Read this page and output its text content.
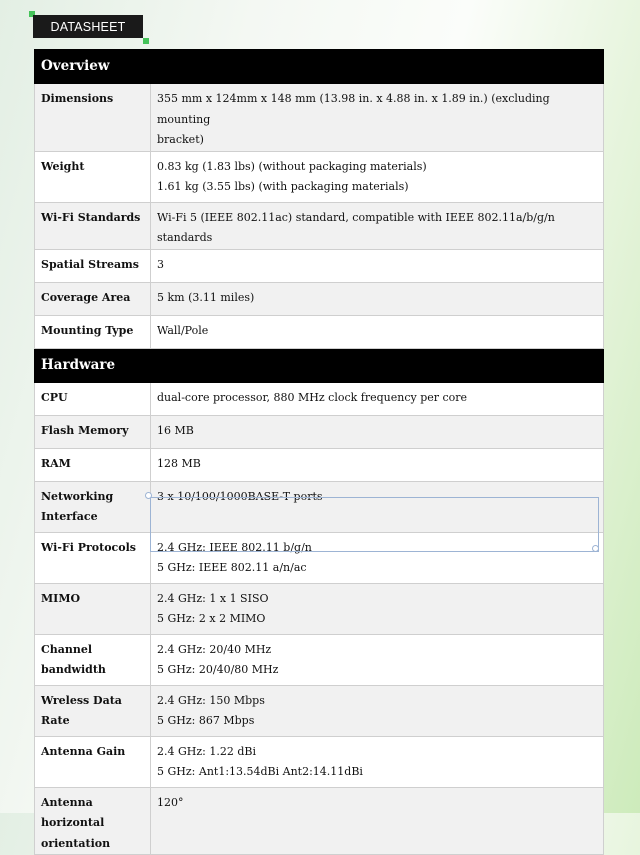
DATASHEET
Overview	
Dimensions	355 mm x 124mm x 148 mm (13.98 in. x 4.88 in. x 1.89 in.) (excluding mounting
bracket)

Weight	0.83 kg (1.83 lbs) (without packaging materials)
1.61 kg (3.55 lbs) (with packaging materials)

Wi-Fi Standards	Wi-Fi 5 (IEEE 802.11ac) standard, compatible with IEEE 802.11a/b/g/n standards
Spatial Streams	3
Coverage Area	5 km (3.11 miles)
Mounting Type	Wall/Pole
Hardware	
CPU	dual-core processor, 880 MHz clock frequency per core
Flash Memory	16 MB
RAM	128 MB

Networking
Interface	3 x 10/100/1000BASE-T ports
Wi-Fi Protocols	2.4 GHz: IEEE 802.11 b/g/n
5 GHz: IEEE 802.11 a/n/ac

MIMO	2.4 GHz: 1 x 1 SISO
5 GHz: 2 x 2 MIMO

Channel
bandwidth	2.4 GHz: 20/40 MHz
5 GHz: 20/40/80 MHz

Wreless Data Rate	2.4 GHz: 150 Mbps
5 GHz: 867 Mbps

Antenna Gain	2.4 GHz: 1.22 dBi
5 GHz: Ant1:13.54dBi Ant2:14.11dBi

Antenna horizontal
orientation	120°
